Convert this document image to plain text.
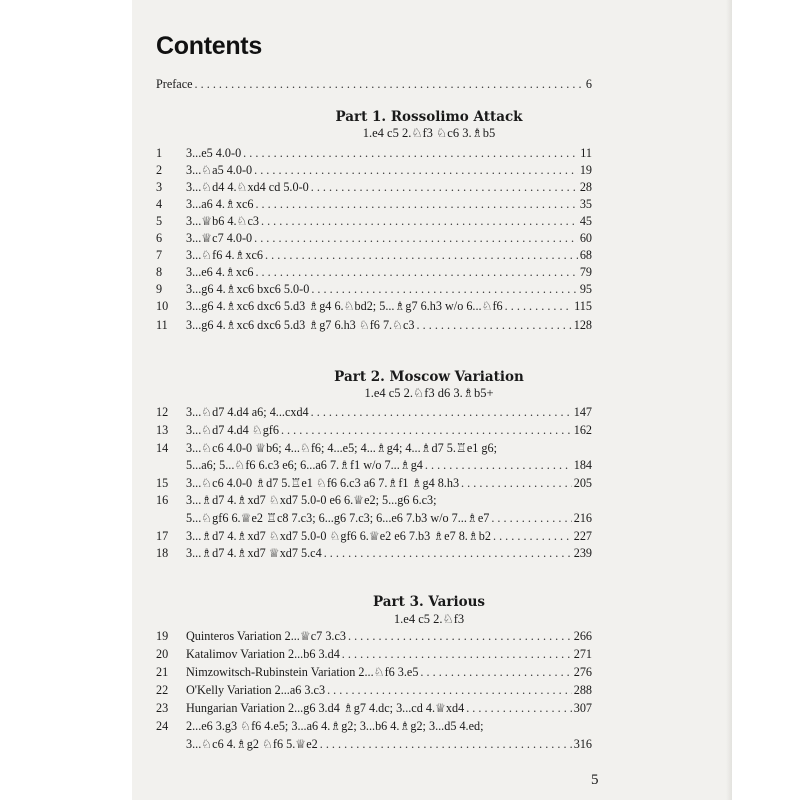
Contents
Preface . . .	6
Part 1. Rossolimo Attack
1.e4 c5 2.♘f3 ♘c6 3.♗b5
1	3...e5 4.0-0 . . .	11
2	3...♘a5 4.0-0 . . .	19
3	3...♘d4 4.♘xd4 cd 5.0-0 . . .	28
4	3...a6 4.♗xc6 . . .	35
5	3...♕b6 4.♘c3 . . .	45
6	3...♕c7 4.0-0 . . .	60
7	3...♘f6 4.♗xc6 . . .	68
8	3...e6 4.♗xc6 . . .	79
9	3...g6 4.♗xc6 bxc6 5.0-0 . . .	95
10	3...g6 4.♗xc6 dxc6 5.d3 ♗g4 6.♘bd2; 5...♗g7 6.h3 w/o 6...♘f6 . . .	115
11	3...g6 4.♗xc6 dxc6 5.d3 ♗g7 6.h3 ♘f6 7.♘c3 . . .	128
Part 2. Moscow Variation
1.e4 c5 2.♘f3 d6 3.♗b5+
12	3...♘d7 4.d4 a6; 4...cxd4 . . .	147
13	3...♘d7 4.d4 ♘gf6 . . .	162
14	3...♘c6 4.0-0 ♕b6; 4...♘f6; 4...e5; 4...♗g4; 4...♗d7 5.♖e1 g6;
5...a6; 5...♘f6 6.c3 e6; 6...a6 7.♗f1 w/o 7...♗g4 . . .	184
15	3...♘c6 4.0-0 ♗d7 5.♖e1 ♘f6 6.c3 a6 7.♗f1 ♗g4 8.h3 . . .	205
16	3...♗d7 4.♗xd7 ♘xd7 5.0-0 e6 6.♕e2; 5...g6 6.c3;
5...♘gf6 6.♕e2 ♖c8 7.c3; 6...g6 7.c3; 6...e6 7.b3 w/o 7...♗e7 . . .	216
17	3...♗d7 4.♗xd7 ♘xd7 5.0-0 ♘gf6 6.♕e2 e6 7.b3 ♗e7 8.♗b2 . . .	227
18	3...♗d7 4.♗xd7 ♕xd7 5.c4 . . .	239
Part 3. Various
1.e4 c5 2.♘f3
19	Quinteros Variation 2...♕c7 3.c3 . . .	266
20	Katalimov Variation 2...b6 3.d4 . . .	271
21	Nimzowitsch-Rubinstein Variation 2...♘f6 3.e5 . . .	276
22	O'Kelly Variation 2...a6 3.c3 . . .	288
23	Hungarian Variation 2...g6 3.d4 ♗g7 4.dc; 3...cd 4.♕xd4 . . .	307
24	2...e6 3.g3 ♘f6 4.e5; 3...a6 4.♗g2; 3...b6 4.♗g2; 3...d5 4.ed;
3...♘c6 4.♗g2 ♘f6 5.♕e2 . . .	316
5
